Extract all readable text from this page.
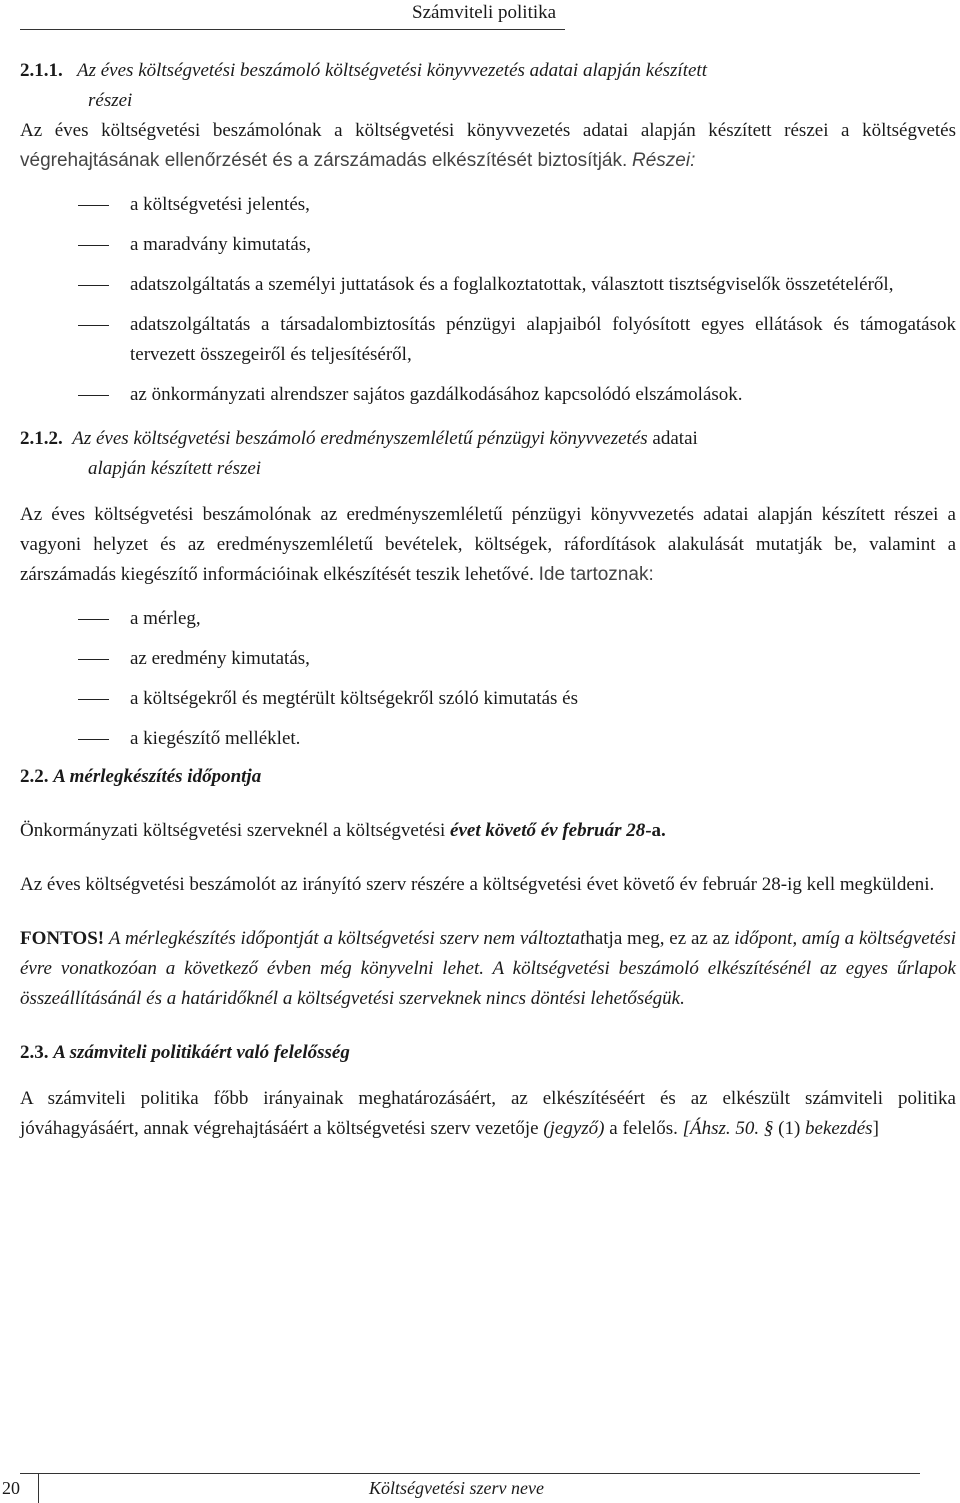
Számviteli politika
2.1.1. Az éves költségvetési beszámoló költségvetési könyvvezetés adatai alapján készített
részei

Az éves költségvetési beszámolónak a költségvetési könyvvezetés adatai alapján készített részei a költségvetés végrehajtásának ellenőrzését és a zárszámadás elkészítését biztosítják. Részei:

a költségvetési jelentés,
a maradvány kimutatás,
adatszolgáltatás a személyi juttatások és a foglalkoztatottak, választott tisztségviselők összetételéről,
adatszolgáltatás a társadalombiztosítás pénzügyi alapjaiból folyósított egyes ellátások és támogatások tervezett összegeiről és teljesítéséről,
az önkormányzati alrendszer sajátos gazdálkodásához kapcsolódó elszámolások.
2.1.2. Az éves költségvetési beszámoló eredményszemléletű pénzügyi könyvvezetés adatai
alapján készített részei

Az éves költségvetési beszámolónak az eredményszemléletű pénzügyi könyvvezetés adatai alapján készített részei a vagyoni helyzet és az eredményszemléletű bevételek, költségek, ráfordítások alakulását mutatják be, valamint a zárszámadás kiegészítő információinak elkészítését teszik lehetővé. Ide tartoznak:

a mérleg,
az eredmény kimutatás,
a költségekről és megtérült költségekről szóló kimutatás és
a kiegészítő melléklet.
2.2. A mérlegkészítés időpontja

Önkormányzati költségvetési szerveknél a költségvetési évet követő év február 28-a.

Az éves költségvetési beszámolót az irányító szerv részére a költségvetési évet követő év február 28-ig kell megküldeni.

FONTOS! A mérlegkészítés időpontját a költségvetési szerv nem változtathatja meg, ez az az időpont, amíg a költségvetési évre vonatkozóan a következő évben még könyvelni lehet. A költségvetési beszámoló elkészítésénél az egyes űrlapok összeállításánál és a határidőknél a költségvetési szerveknek nincs döntési lehetőségük.

2.3. A számviteli politikáért való felelősség

A számviteli politika főbb irányainak meghatározásáért, az elkészítéséért és az elkészült számviteli politika jóváhagyásáért, annak végrehajtásáért a költségvetési szerv vezetője (jegyző) a felelős. [Áhsz. 50. § (1) bekezdés]

20	Költségvetési szerv neve
